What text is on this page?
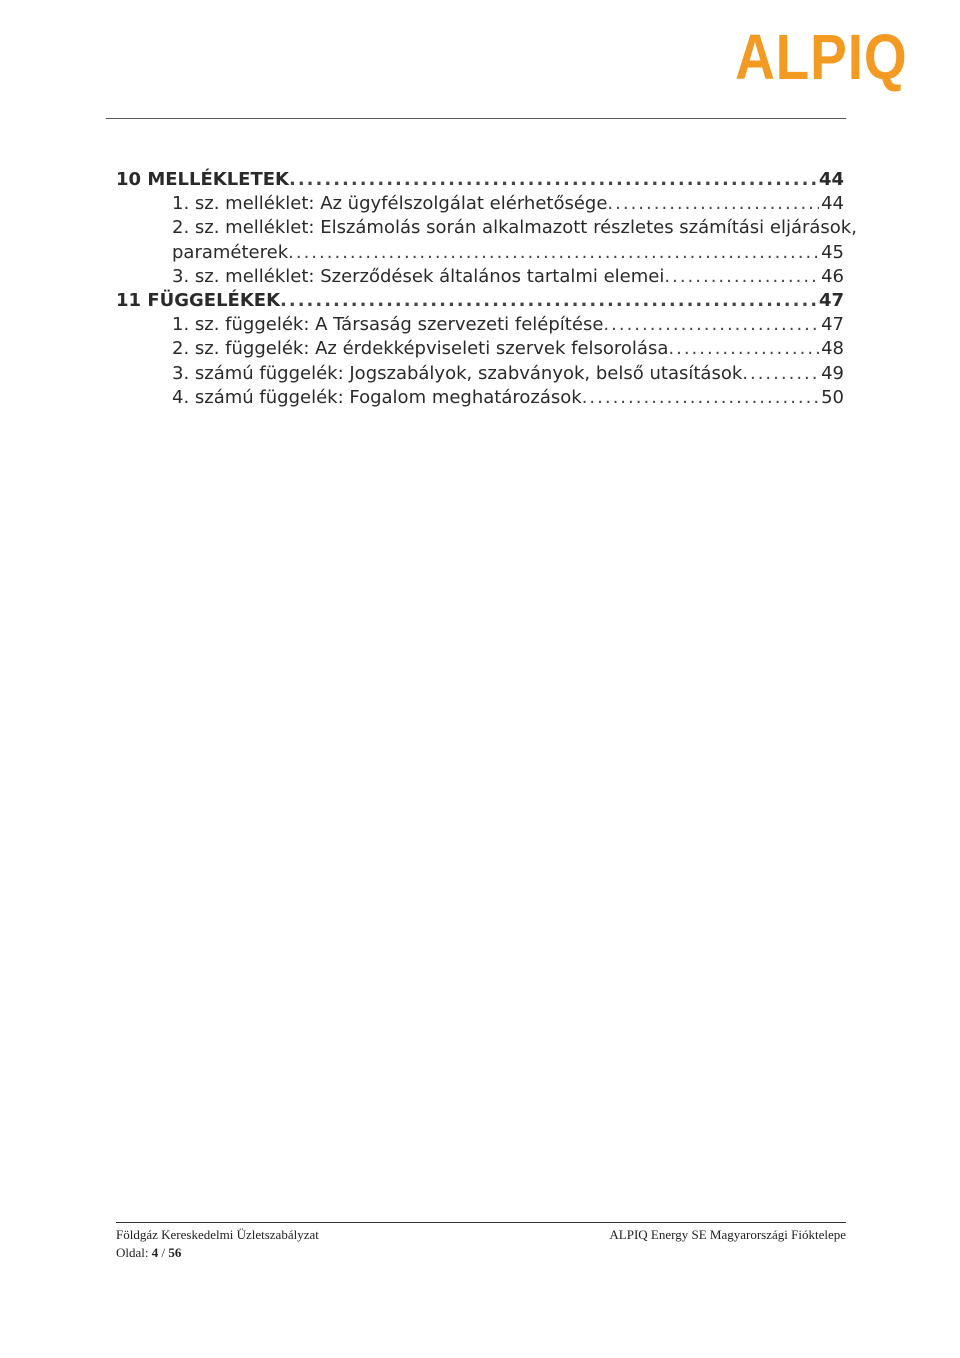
ALPIQ
10 MELLÉKLETEK .....	44
1. sz. melléklet: Az ügyfélszolgálat elérhetősége .....	44
2. sz. melléklet: Elszámolás során alkalmazott részletes számítási eljárások,
paraméterek .....	45
3. sz. melléklet: Szerződések általános tartalmi elemei .....	46
11 FÜGGELÉKEK .....	47
1. sz. függelék: A Társaság szervezeti felépítése .....	47
2. sz. függelék: Az érdekképviseleti szervek felsorolása .....	48
3. számú függelék: Jogszabályok, szabványok, belső utasítások .....	49
4. számú függelék: Fogalom meghatározások .....	50
Földgáz Kereskedelmi Üzletszabályzat	ALPIQ Energy SE Magyarországi Fióktelepe
Oldal: 4 / 56
